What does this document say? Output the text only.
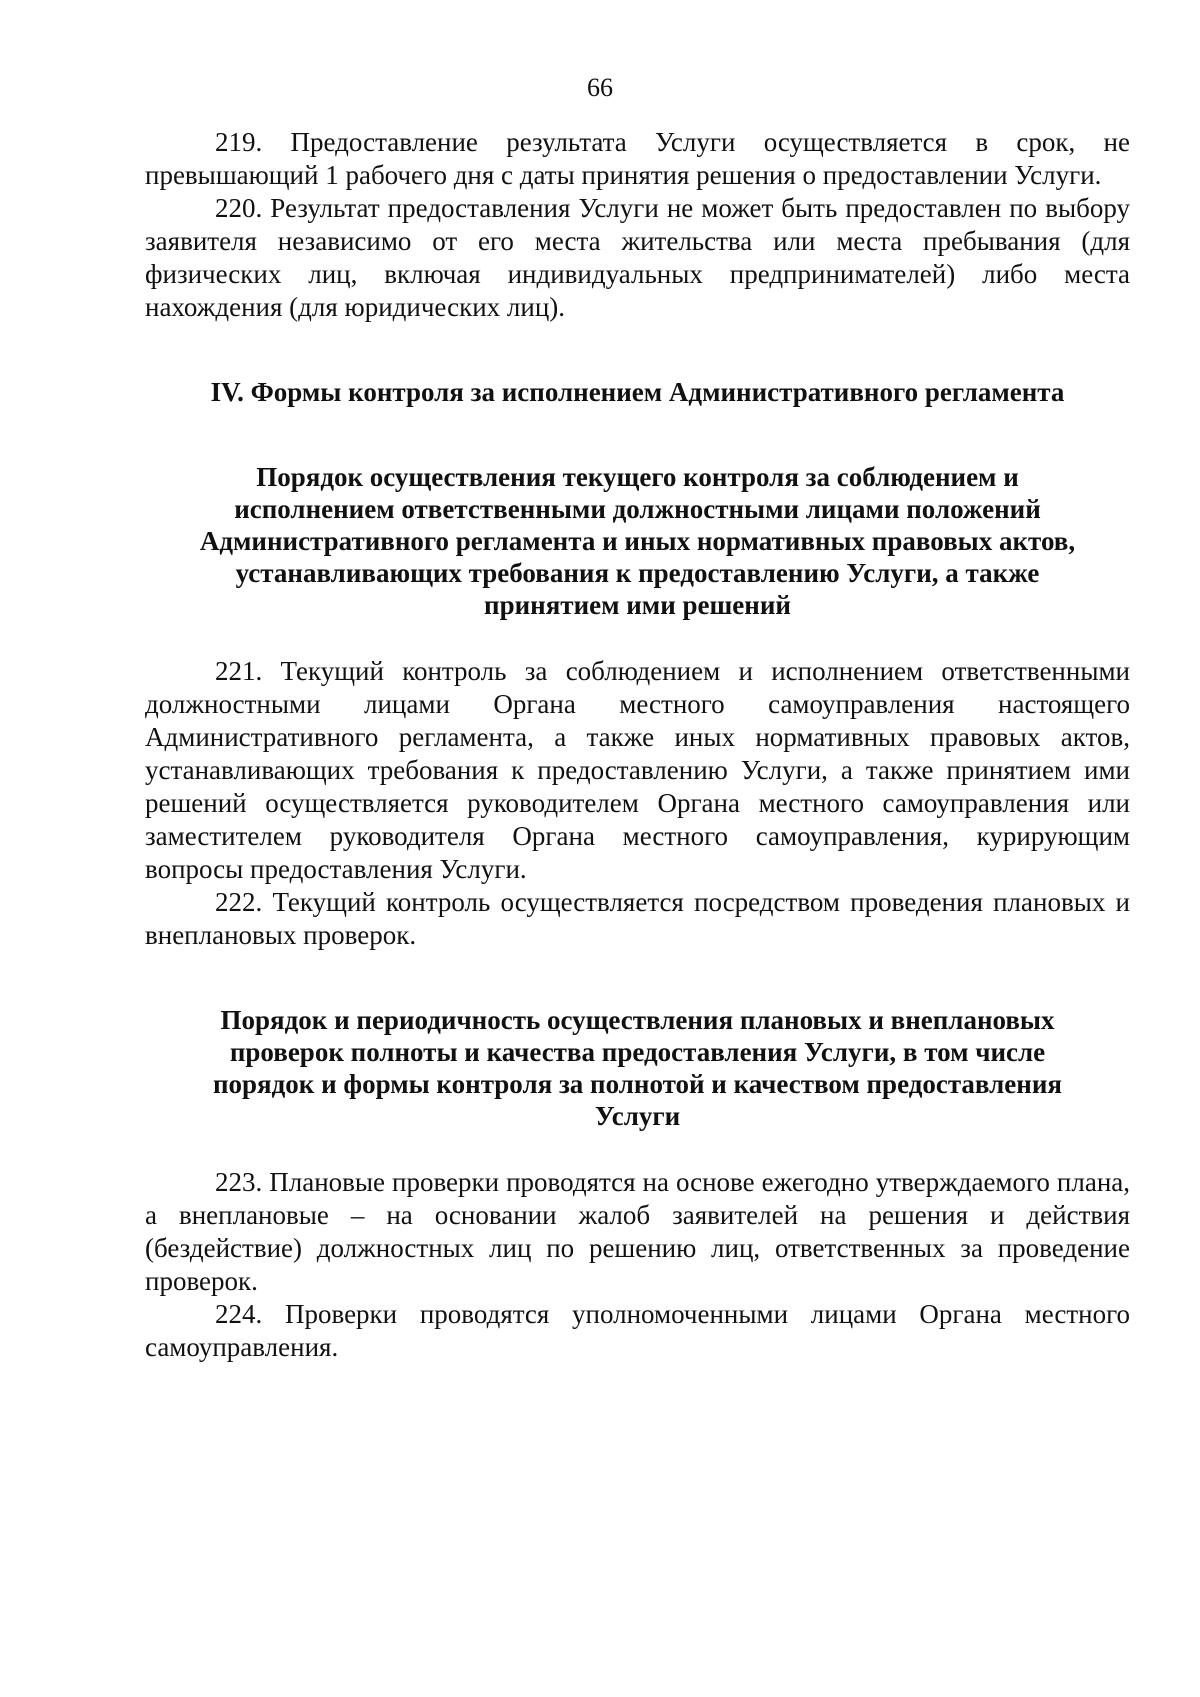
66

219. Предоставление результата Услуги осуществляется в срок, не превышающий 1 рабочего дня с даты принятия решения о предоставлении Услуги.

220. Результат предоставления Услуги не может быть предоставлен по выбору заявителя независимо от его места жительства или места пребывания (для физических лиц, включая индивидуальных предпринимателей) либо места нахождения (для юридических лиц).

IV. Формы контроля за исполнением Административного регламента
Порядок осуществления текущего контроля за соблюдением и исполнением ответственными должностными лицами положений Административного регламента и иных нормативных правовых актов, устанавливающих требования к предоставлению Услуги, а также принятием ими решений

221. Текущий контроль за соблюдением и исполнением ответственными должностными лицами Органа местного самоуправления настоящего Административного регламента, а также иных нормативных правовых актов, устанавливающих требования к предоставлению Услуги, а также принятием ими решений осуществляется руководителем Органа местного самоуправления или заместителем руководителя Органа местного самоуправления, курирующим вопросы предоставления Услуги.

222. Текущий контроль осуществляется посредством проведения плановых и внеплановых проверок.

Порядок и периодичность осуществления плановых и внеплановых проверок полноты и качества предоставления Услуги, в том числе порядок и формы контроля за полнотой и качеством предоставления Услуги

223. Плановые проверки проводятся на основе ежегодно утверждаемого плана, а внеплановые – на основании жалоб заявителей на решения и действия (бездействие) должностных лиц по решению лиц, ответственных за проведение проверок.

224. Проверки проводятся уполномоченными лицами Органа местного самоуправления.
